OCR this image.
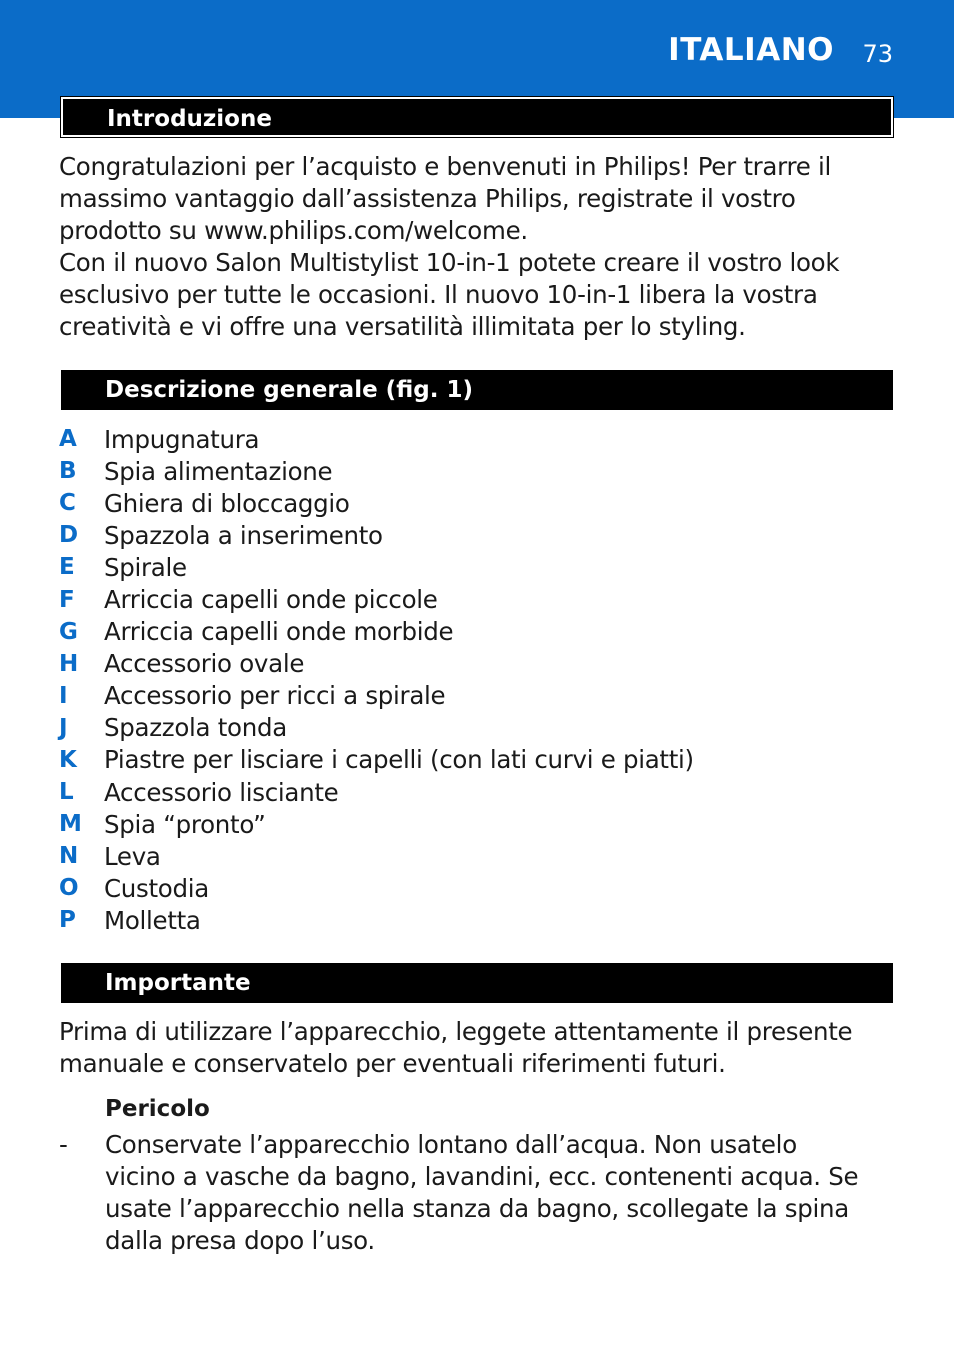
ITALIANO 73
Introduzione
Congratulazioni per l’acquisto e benvenuti in Philips! Per trarre il massimo vantaggio dall’assistenza Philips, registrate il vostro prodotto su www.​philips.com/welcome.
Con il nuovo Salon Multistylist 10-in-1 potete creare il vostro look esclusivo per tutte le occasioni. Il nuovo 10-in-1 libera la vostra creatività e vi offre una versatilità illimitata per lo styling.
Descrizione generale (fig. 1)
A	Impugnatura
B	Spia alimentazione
C	Ghiera di bloccaggio
D	Spazzola a inserimento
E	Spirale
F	Arriccia capelli onde piccole
G	Arriccia capelli onde morbide
H	Accessorio ovale
I	Accessorio per ricci a spirale
J	Spazzola tonda
K	Piastre per lisciare i capelli (con lati curvi e piatti)
L	Accessorio lisciante
M Spia “pronto”
N	Leva
O	Custodia
P	Molletta
Importante
Prima di utilizzare l’apparecchio, leggete attentamente il presente manuale e conservatelo per eventuali riferimenti futuri.
Pericolo
-	Conservate l’apparecchio lontano dall’acqua. Non usatelo vicino a vasche da bagno, lavandini, ecc. contenenti acqua. Se usate l’apparecchio nella stanza da bagno, scollegate la spina dalla presa dopo l’uso.
